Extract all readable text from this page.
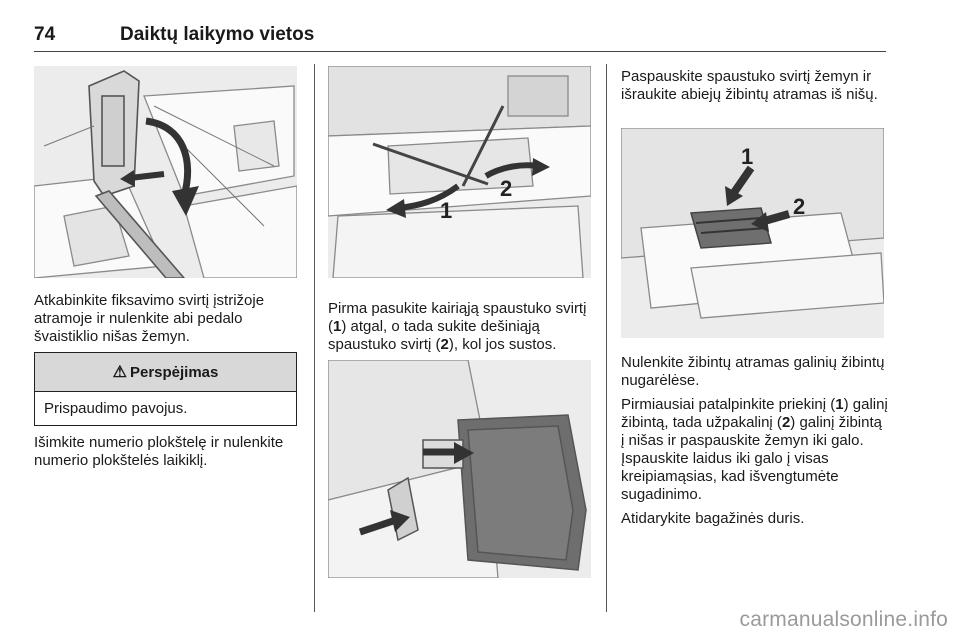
74	Daiktų laikymo vietos
Atkabinkite fiksavimo svirtį įstrižoje atramoje ir nulenkite abi pedalo švaistiklio nišas žemyn.
⚠ Perspėjimas
Prispaudimo pavojus.
Išimkite numerio plokštelę ir nulenkite numerio plokštelės laikiklį.
1
2
Pirma pasukite kairiąją spaustuko svirtį (1) atgal, o tada sukite dešiniąją spaustuko svirtį (2), kol jos sustos.
Paspauskite spaustuko svirtį žemyn ir išraukite abiejų žibintų atramas iš nišų.
1
2
Nulenkite žibintų atramas galinių žibintų nugarėlėse.
Pirmiausiai patalpinkite priekinį (1) galinį žibintą, tada užpakalinį (2) galinį žibintą į nišas ir paspauskite žemyn iki galo. Įspauskite laidus iki galo į visas kreipiamąsias, kad išvengtumėte sugadinimo.
Atidarykite bagažinės duris.
carmanualsonline.info
